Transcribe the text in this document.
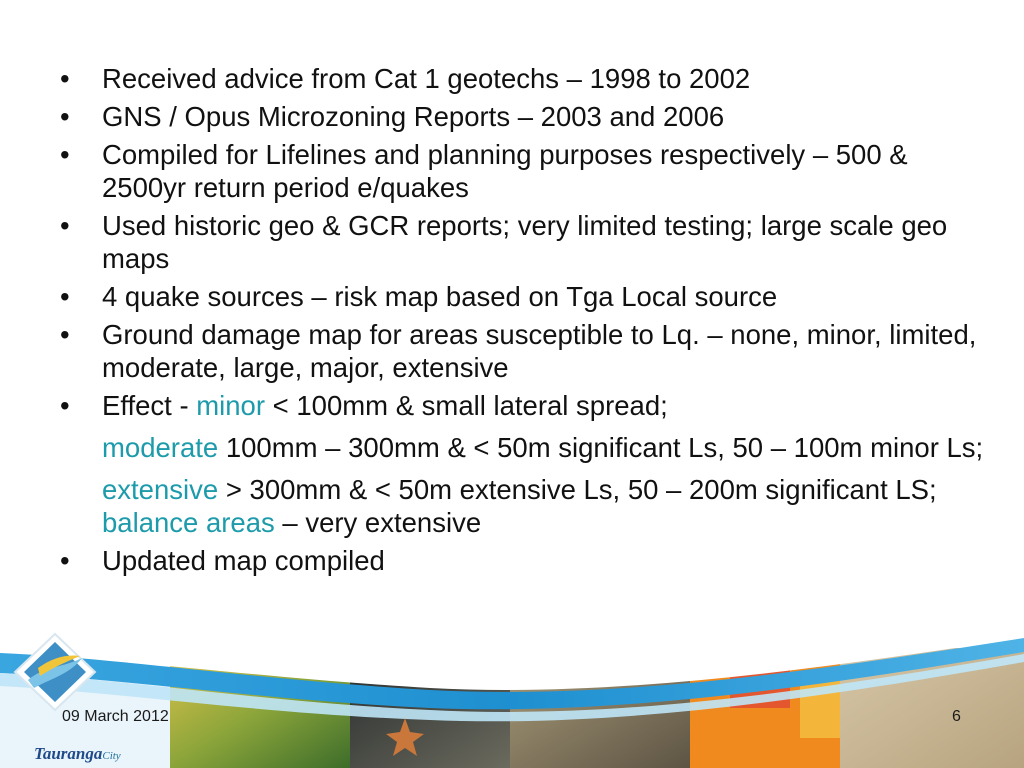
• Received advice from Cat 1 geotechs – 1998 to 2002
• GNS / Opus Microzoning Reports – 2003 and 2006
• Compiled for Lifelines and planning purposes respectively – 500 & 2500yr return period e/quakes
• Used historic geo & GCR reports; very limited testing; large scale geo maps
• 4 quake sources – risk map based on Tga Local source
• Ground damage map for areas susceptible to Lq. – none, minor, limited, moderate, large, major, extensive
• Effect - minor < 100mm & small lateral spread;
moderate 100mm – 300mm & < 50m significant Ls, 50 – 100m minor Ls;
extensive > 300mm & < 50m extensive Ls, 50 – 200m significant LS; balance areas – very extensive
• Updated map compiled
09 March 2012	6
TaurangaCity
